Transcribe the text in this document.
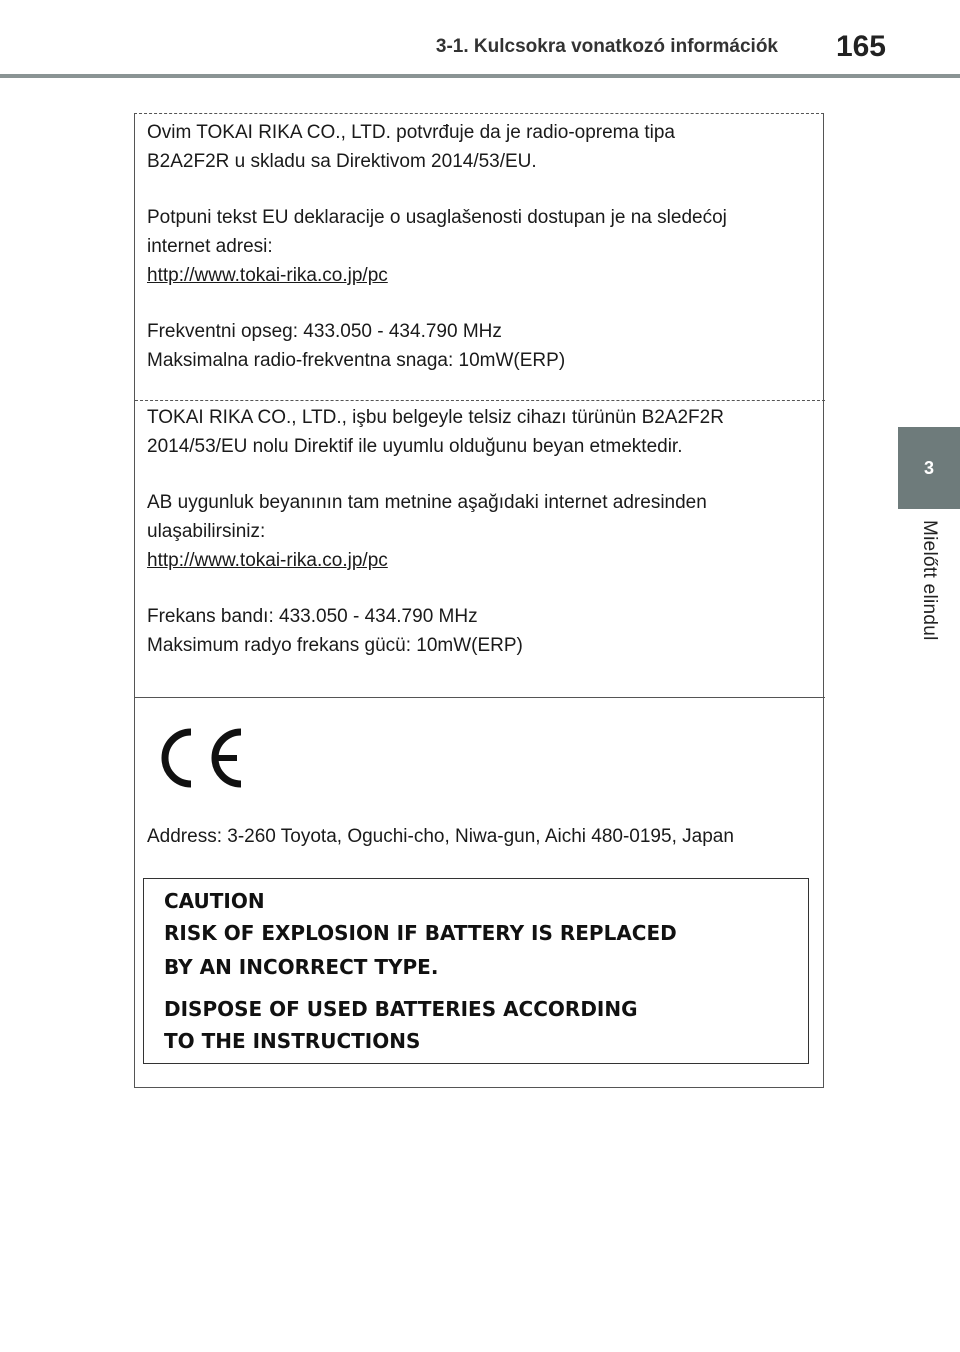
3-1. Kulcsokra vonatkozó információk 165
3
Mielőtt elindul

Ovim TOKAI RIKA CO., LTD. potvrđuje da je radio-oprema tipa

B2A2F2R u skladu sa Direktivom 2014/53/EU.

Potpuni tekst EU deklaracije o usaglašenosti dostupan je na sledećoj

internet adresi:

http://www.tokai-rika.co.jp/pc

Frekventni opseg: 433.050 - 434.790 MHz

Maksimalna radio-frekventna snaga: 10mW(ERP)

TOKAI RIKA CO., LTD., işbu belgeyle telsiz cihazı türünün B2A2F2R

2014/53/EU nolu Direktif ile uyumlu olduğunu beyan etmektedir.

AB uygunluk beyanının tam metnine aşağıdaki internet adresinden

ulaşabilirsiniz:

http://www.tokai-rika.co.jp/pc

Frekans bandı: 433.050 - 434.790 MHz

Maksimum radyo frekans gücü: 10mW(ERP)

Address: 3-260 Toyota, Oguchi-cho, Niwa-gun, Aichi 480-0195, Japan

CAUTION

RISK OF EXPLOSION IF BATTERY IS REPLACED

BY AN INCORRECT TYPE.

DISPOSE OF USED BATTERIES ACCORDING

TO THE INSTRUCTIONS
